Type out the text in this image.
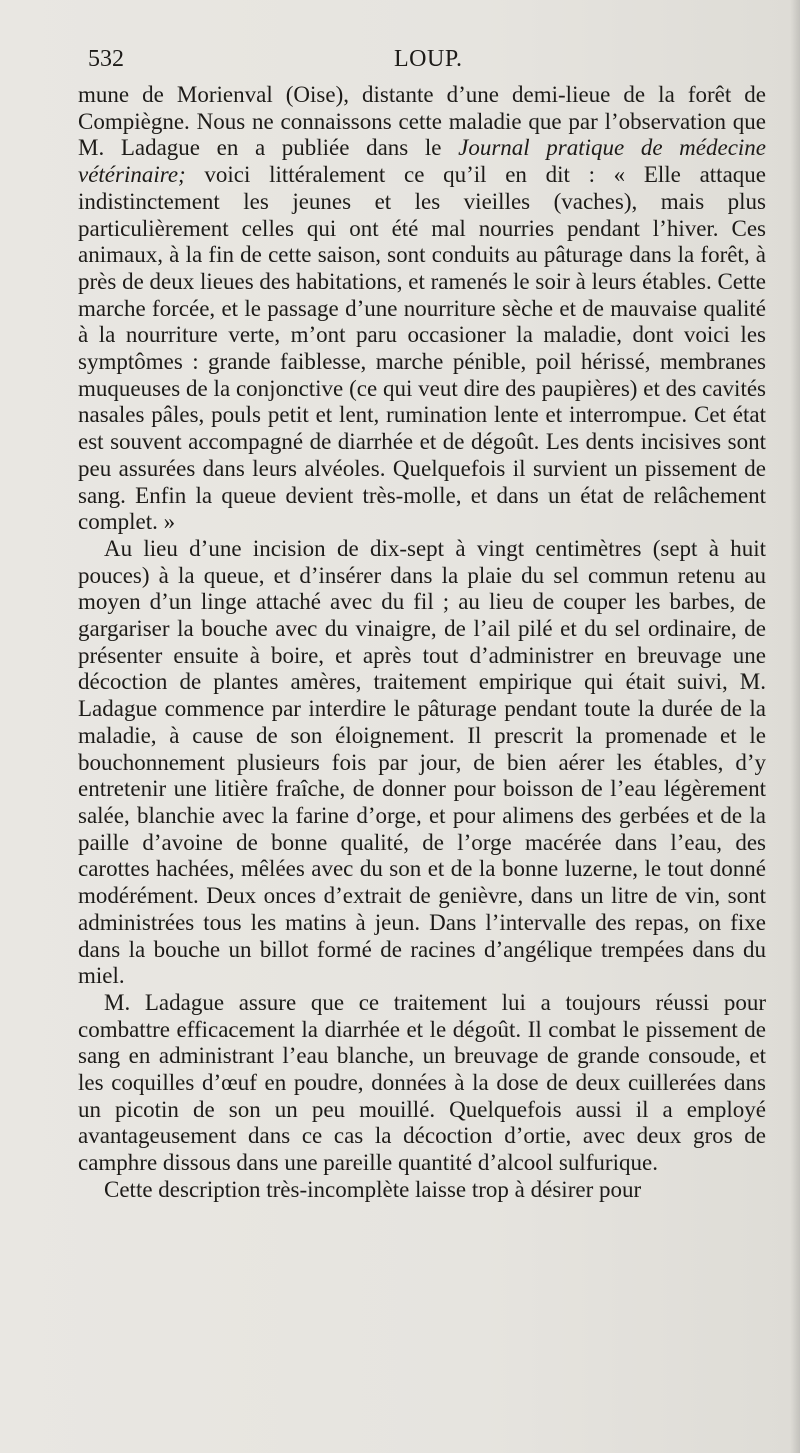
532	LOUP.

mune de Morienval (Oise), distante d’une demi-lieue de la forêt de Compiègne. Nous ne connaissons cette maladie que par l’observation que M. Ladague en a publiée dans le Journal pratique de médecine vétérinaire; voici littéralement ce qu’il en dit : « Elle attaque indistinctement les jeunes et les vieilles (vaches), mais plus particulièrement celles qui ont été mal nourries pendant l’hiver. Ces animaux, à la fin de cette saison, sont conduits au pâturage dans la forêt, à près de deux lieues des habitations, et ramenés le soir à leurs étables. Cette marche forcée, et le passage d’une nourriture sèche et de mauvaise qualité à la nourriture verte, m’ont paru occasioner la maladie, dont voici les symptômes : grande faiblesse, marche pénible, poil hérissé, membranes muqueuses de la conjonctive (ce qui veut dire des paupières) et des cavités nasales pâles, pouls petit et lent, rumination lente et interrompue. Cet état est souvent accompagné de diarrhée et de dégoût. Les dents incisives sont peu assurées dans leurs alvéoles. Quelquefois il survient un pissement de sang. Enfin la queue devient très-molle, et dans un état de relâchement complet. »

Au lieu d’une incision de dix-sept à vingt centimètres (sept à huit pouces) à la queue, et d’insérer dans la plaie du sel commun retenu au moyen d’un linge attaché avec du fil ; au lieu de couper les barbes, de gargariser la bouche avec du vinaigre, de l’ail pilé et du sel ordinaire, de présenter ensuite à boire, et après tout d’administrer en breuvage une décoction de plantes amères, traitement empirique qui était suivi, M. Ladague commence par interdire le pâturage pendant toute la durée de la maladie, à cause de son éloignement. Il prescrit la promenade et le bouchonnement plusieurs fois par jour, de bien aérer les étables, d’y entretenir une litière fraîche, de donner pour boisson de l’eau légèrement salée, blanchie avec la farine d’orge, et pour alimens des gerbées et de la paille d’avoine de bonne qualité, de l’orge macérée dans l’eau, des carottes hachées, mêlées avec du son et de la bonne luzerne, le tout donné modérément. Deux onces d’extrait de genièvre, dans un litre de vin, sont administrées tous les matins à jeun. Dans l’intervalle des repas, on fixe dans la bouche un billot formé de racines d’angélique trempées dans du miel.

M. Ladague assure que ce traitement lui a toujours réussi pour combattre efficacement la diarrhée et le dégoût. Il combat le pissement de sang en administrant l’eau blanche, un breuvage de grande consoude, et les coquilles d’œuf en poudre, données à la dose de deux cuillerées dans un picotin de son un peu mouillé. Quelquefois aussi il a employé avantageusement dans ce cas la décoction d’ortie, avec deux gros de camphre dissous dans une pareille quantité d’alcool sulfurique.

Cette description très-incomplète laisse trop à désirer pour
